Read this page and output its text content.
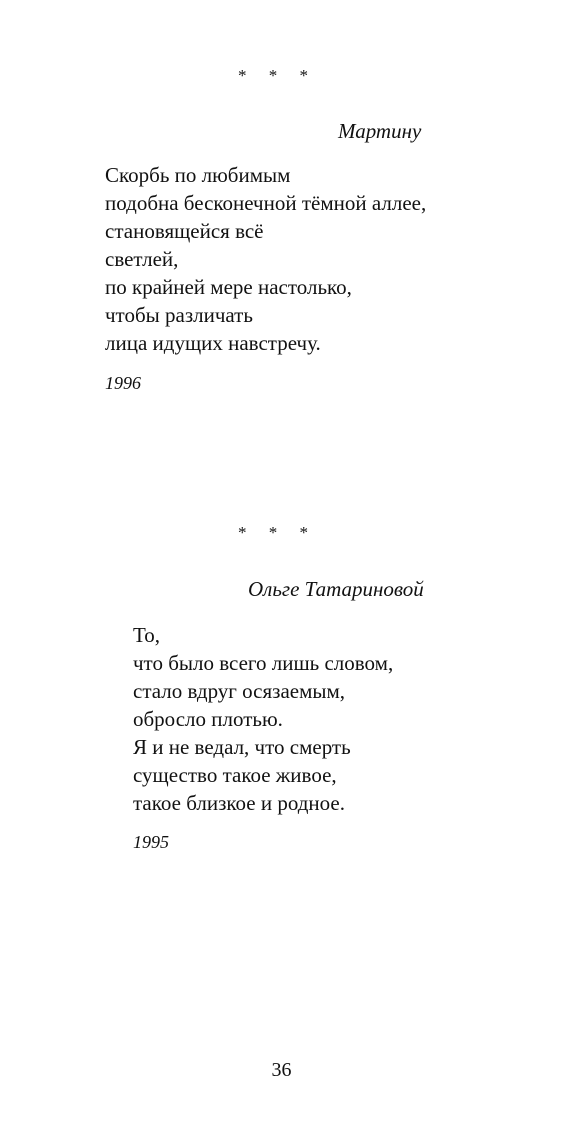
* * *
Мартину
Скорбь по любимым
подобна бесконечной тёмной аллее,
становящейся всё
светлей,
по крайней мере настолько,
чтобы различать
лица идущих навстречу.
1996
* * *
Ольге Татариновой
То,
что было всего лишь словом,
стало вдруг осязаемым,
обросло плотью.
Я и не ведал, что смерть
существо такое живое,
такое близкое и родное.
1995
36
